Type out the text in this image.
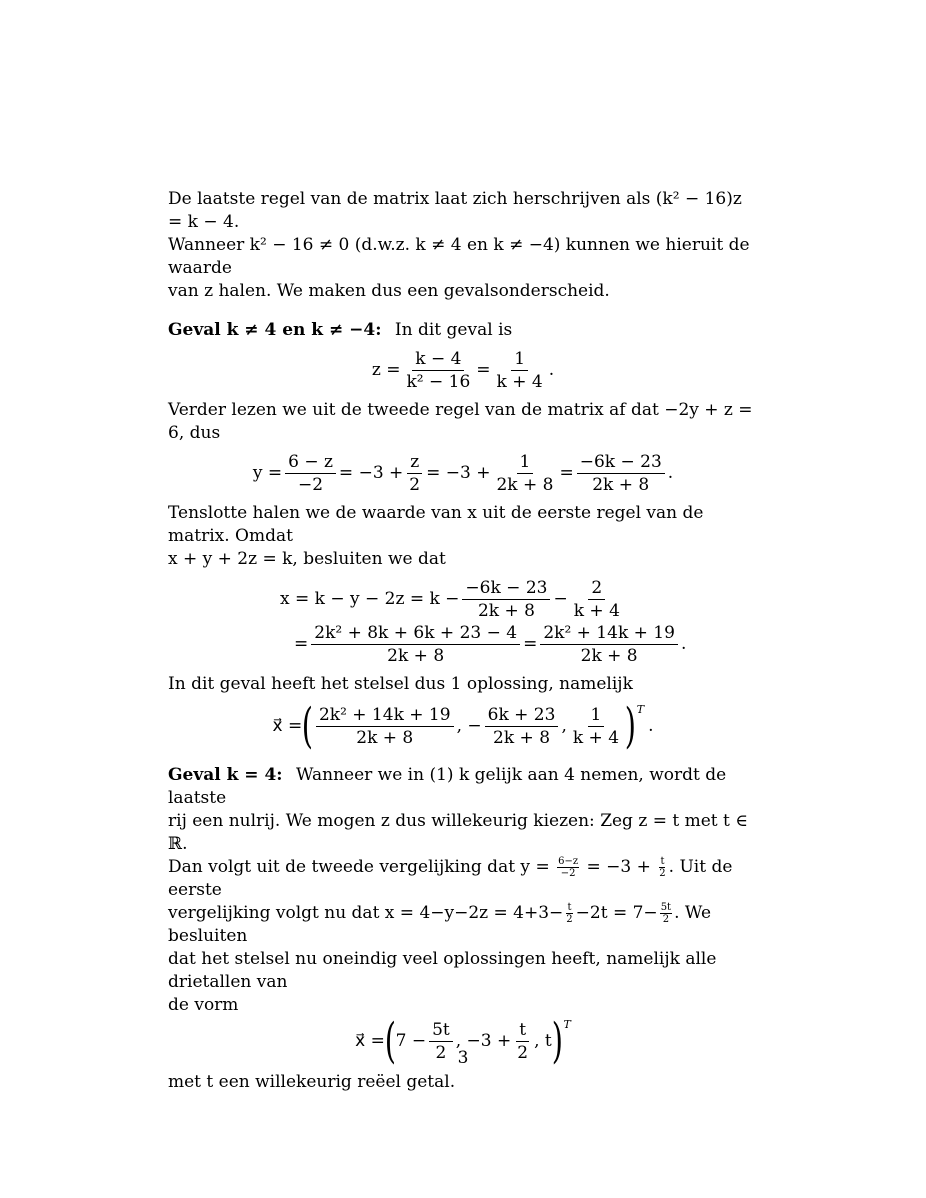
De laatste regel van de matrix laat zich herschrijven als (k² − 16)z = k − 4.

Wanneer k² − 16 ≠ 0 (d.w.z. k ≠ 4 en k ≠ −4) kunnen we hieruit de waarde

van z halen. We maken dus een gevalsonderscheid.

Geval k ≠ 4 en k ≠ −4: In dit geval is

$z = \frac{k - 4}{\text{k² − 16}} = \frac{1}{k + 4}$ .

Verder lezen we uit de tweede regel van de matrix af dat −2y + z = 6, dus

$y = \frac{6 - z}{-2} = -3 + \frac{z}{2} = -3 + \frac{1}{2k + 8} = \frac{-6k - 23}{2k + 8}$ .

Tenslotte halen we de waarde van x uit de eerste regel van de matrix. Omdat

x + y + 2z = k, besluiten we dat

$x = k - y - 2z = k - \frac{-6k - 23}{2k + 8} - \frac{2}{k + 4}$

= $\frac{\text{2k² + 8k + 6k + 23 − 4}}{2k + 8} = \frac{\text{2k² + 14k + 19}}{2k + 8}$ .

In dit geval heeft het stelsel dus 1 oplossing, namelijk

x⃗ = ( $\frac{\text{2k² + 14k + 19}}{2k + 8}$ , − $\frac{6k + 23}{2k + 8}$ , $\frac{1}{k + 4}$ ) T
.

Geval k = 4: Wanneer we in (1) k gelijk aan 4 nemen, wordt de laatste

rij een nulrij. We mogen z dus willekeurig kiezen: Zeg z = t met t ∈ ℝ.

Dan volgt uit de tweede vergelijking dat $y = \frac{6-z}{-2} = -3 + \frac{t}{2}$ . Uit de eerste

vergelijking volgt nu dat $x = 4-y-2z = 4+3- \frac{t}{2} -2t = 7- \frac{5t}{2}$ . We besluiten

dat het stelsel nu oneindig veel oplossingen heeft, namelijk alle drietallen van

de vorm

x⃗ = ( $7 - \frac{5t}{2}$ , $-3 + \frac{t}{2}$ , t ) T

met t een willekeurig reëel getal.

3
